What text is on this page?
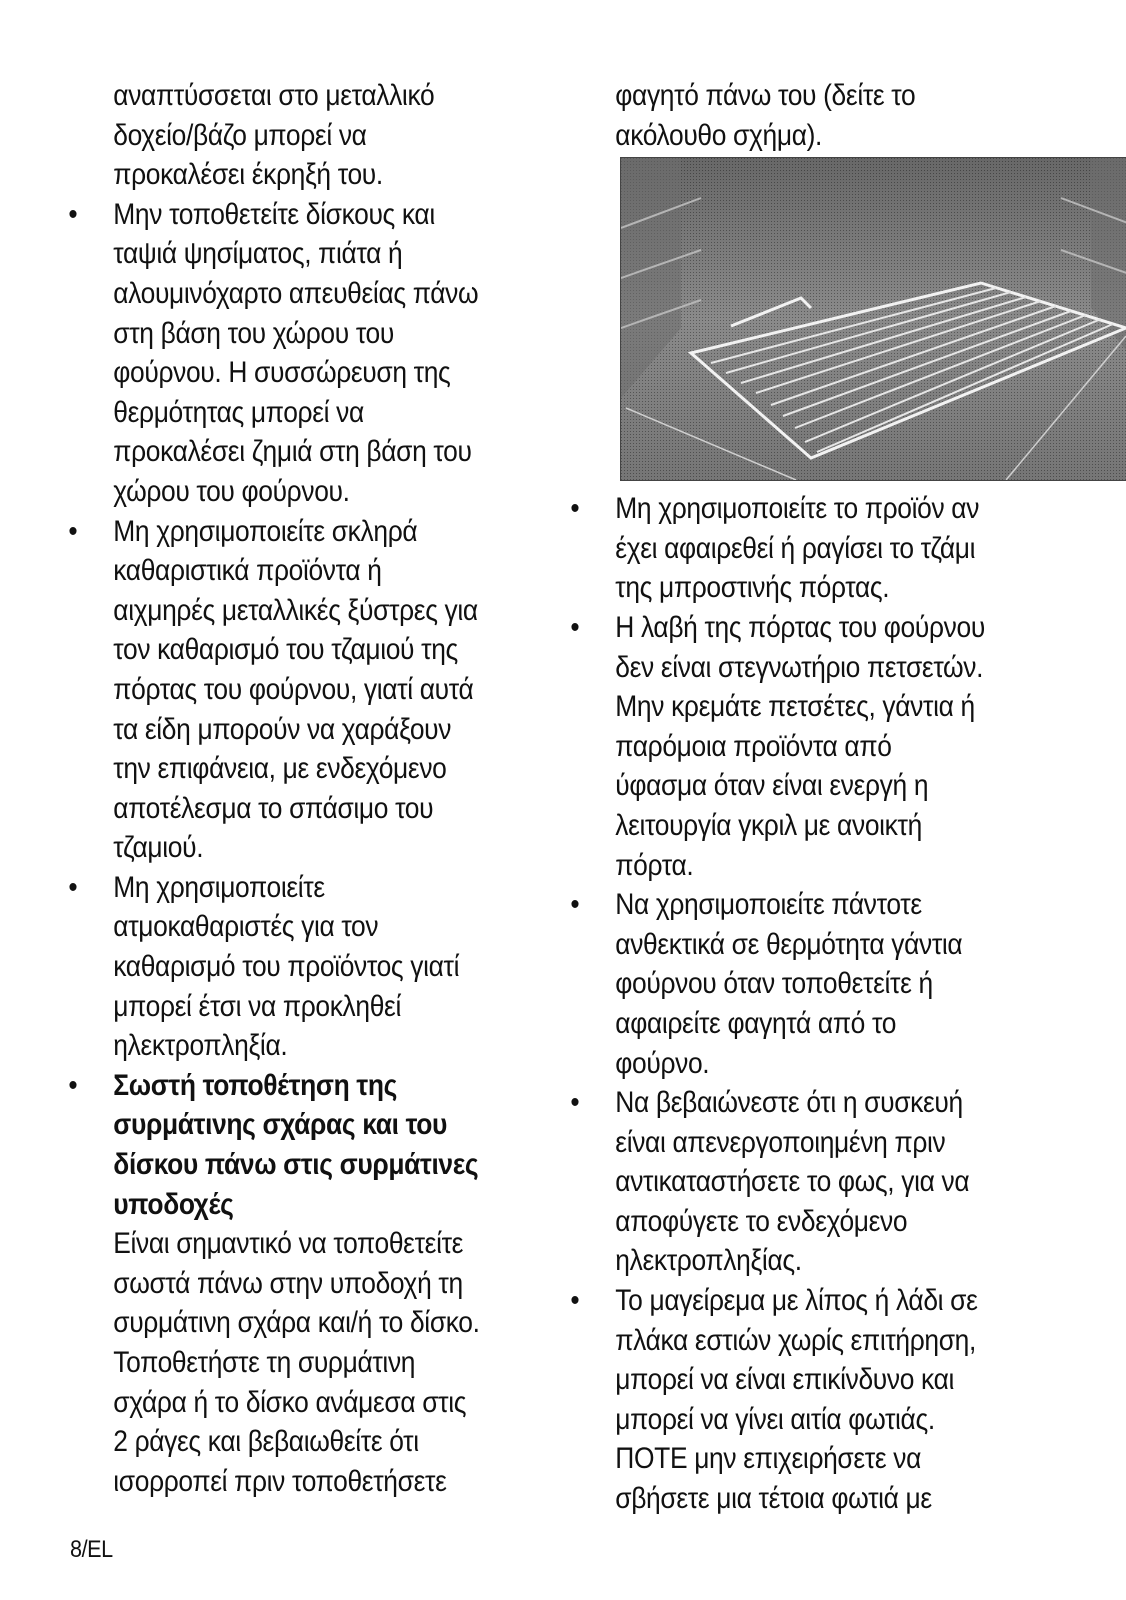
αναπτύσσεται στο μεταλλικό
δοχείο/βάζο μπορεί να
προκαλέσει έκρηξή του.
• Μην τοποθετείτε δίσκους και
ταψιά ψησίματος, πιάτα ή
αλουμινόχαρτο απευθείας πάνω
στη βάση του χώρου του
φούρνου. Η συσσώρευση της
θερμότητας μπορεί να
προκαλέσει ζημιά στη βάση του
χώρου του φούρνου.
• Μη χρησιμοποιείτε σκληρά
καθαριστικά προϊόντα ή
αιχμηρές μεταλλικές ξύστρες για
τον καθαρισμό του τζαμιού της
πόρτας του φούρνου, γιατί αυτά
τα είδη μπορούν να χαράξουν
την επιφάνεια, με ενδεχόμενο
αποτέλεσμα το σπάσιμο του
τζαμιού.
• Μη χρησιμοποιείτε
ατμοκαθαριστές για τον
καθαρισμό του προϊόντος γιατί
μπορεί έτσι να προκληθεί
ηλεκτροπληξία.
• Σωστή τοποθέτηση της
συρμάτινης σχάρας και του
δίσκου πάνω στις συρμάτινες
υποδοχές
Είναι σημαντικό να τοποθετείτε
σωστά πάνω στην υποδοχή τη
συρμάτινη σχάρα και/ή το δίσκο.
Τοποθετήστε τη συρμάτινη
σχάρα ή το δίσκο ανάμεσα στις
2 ράγες και βεβαιωθείτε ότι
ισορροπεί πριν τοποθετήσετε
φαγητό πάνω του (δείτε το
ακόλουθο σχήμα).
• Μη χρησιμοποιείτε το προϊόν αν
έχει αφαιρεθεί ή ραγίσει το τζάμι
της μπροστινής πόρτας.
• Η λαβή της πόρτας του φούρνου
δεν είναι στεγνωτήριο πετσετών.
Μην κρεμάτε πετσέτες, γάντια ή
παρόμοια προϊόντα από
ύφασμα όταν είναι ενεργή η
λειτουργία γκριλ με ανοικτή
πόρτα.
• Να χρησιμοποιείτε πάντοτε
ανθεκτικά σε θερμότητα γάντια
φούρνου όταν τοποθετείτε ή
αφαιρείτε φαγητά από το
φούρνο.
• Να βεβαιώνεστε ότι η συσκευή
είναι απενεργοποιημένη πριν
αντικαταστήσετε το φως, για να
αποφύγετε το ενδεχόμενο
ηλεκτροπληξίας.
• Το μαγείρεμα με λίπος ή λάδι σε
πλάκα εστιών χωρίς επιτήρηση,
μπορεί να είναι επικίνδυνο και
μπορεί να γίνει αιτία φωτιάς.
ΠΟΤΕ μην επιχειρήσετε να
σβήσετε μια τέτοια φωτιά με
8/EL
